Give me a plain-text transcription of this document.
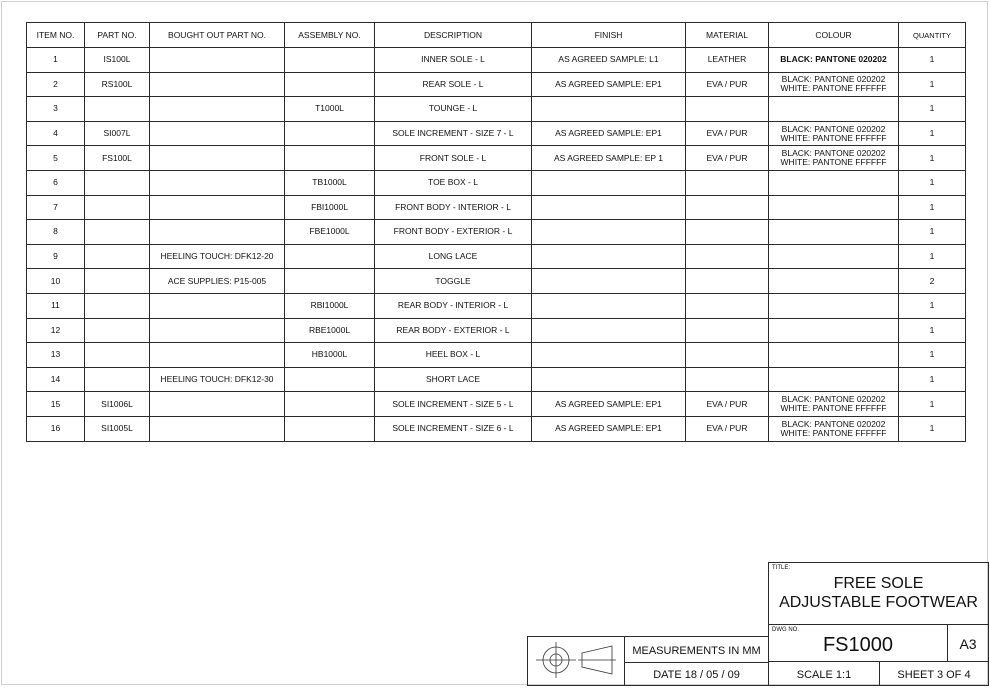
ITEM NO.	PART NO.	BOUGHT OUT PART NO.	ASSEMBLY NO.	DESCRIPTION	FINISH	MATERIAL	COLOUR	QUANTITY
1	IS100L			INNER SOLE - L	AS AGREED SAMPLE: L1	LEATHER	BLACK: PANTONE 020202	1
2	RS100L			REAR SOLE - L	AS AGREED SAMPLE: EP1	EVA / PUR	BLACK: PANTONE 020202
WHITE: PANTONE FFFFFF	1
3			T1000L	TOUNGE - L				1
4	SI007L			SOLE INCREMENT - SIZE 7 - L	AS AGREED SAMPLE: EP1	EVA / PUR	BLACK: PANTONE 020202
WHITE: PANTONE FFFFFF	1
5	FS100L			FRONT SOLE - L	AS AGREED SAMPLE: EP 1	EVA / PUR	BLACK: PANTONE 020202
WHITE: PANTONE FFFFFF	1
6			TB1000L	TOE BOX - L				1
7			FBI1000L	FRONT BODY - INTERIOR - L				1
8			FBE1000L	FRONT BODY - EXTERIOR - L				1
9		HEELING TOUCH: DFK12-20		LONG LACE				1
10		ACE SUPPLIES: P15-005		TOGGLE				2
11			RBI1000L	REAR BODY - INTERIOR - L				1
12			RBE1000L	REAR BODY - EXTERIOR - L				1
13			HB1000L	HEEL BOX - L				1
14		HEELING TOUCH: DFK12-30		SHORT LACE				1
15	SI1006L			SOLE INCREMENT - SIZE 5 - L	AS AGREED SAMPLE: EP1	EVA / PUR	BLACK: PANTONE 020202
WHITE: PANTONE FFFFFF	1
16	SI1005L			SOLE INCREMENT - SIZE 6 - L	AS AGREED SAMPLE: EP1	EVA / PUR	BLACK: PANTONE 020202
WHITE: PANTONE FFFFFF	1
TITLE:
FREE SOLE
ADJUSTABLE FOOTWEAR
DWG NO.
FS1000	A3
MEASUREMENTS IN MM
DATE 18 / 05 / 09	SCALE 1:1	SHEET 3 OF 4
